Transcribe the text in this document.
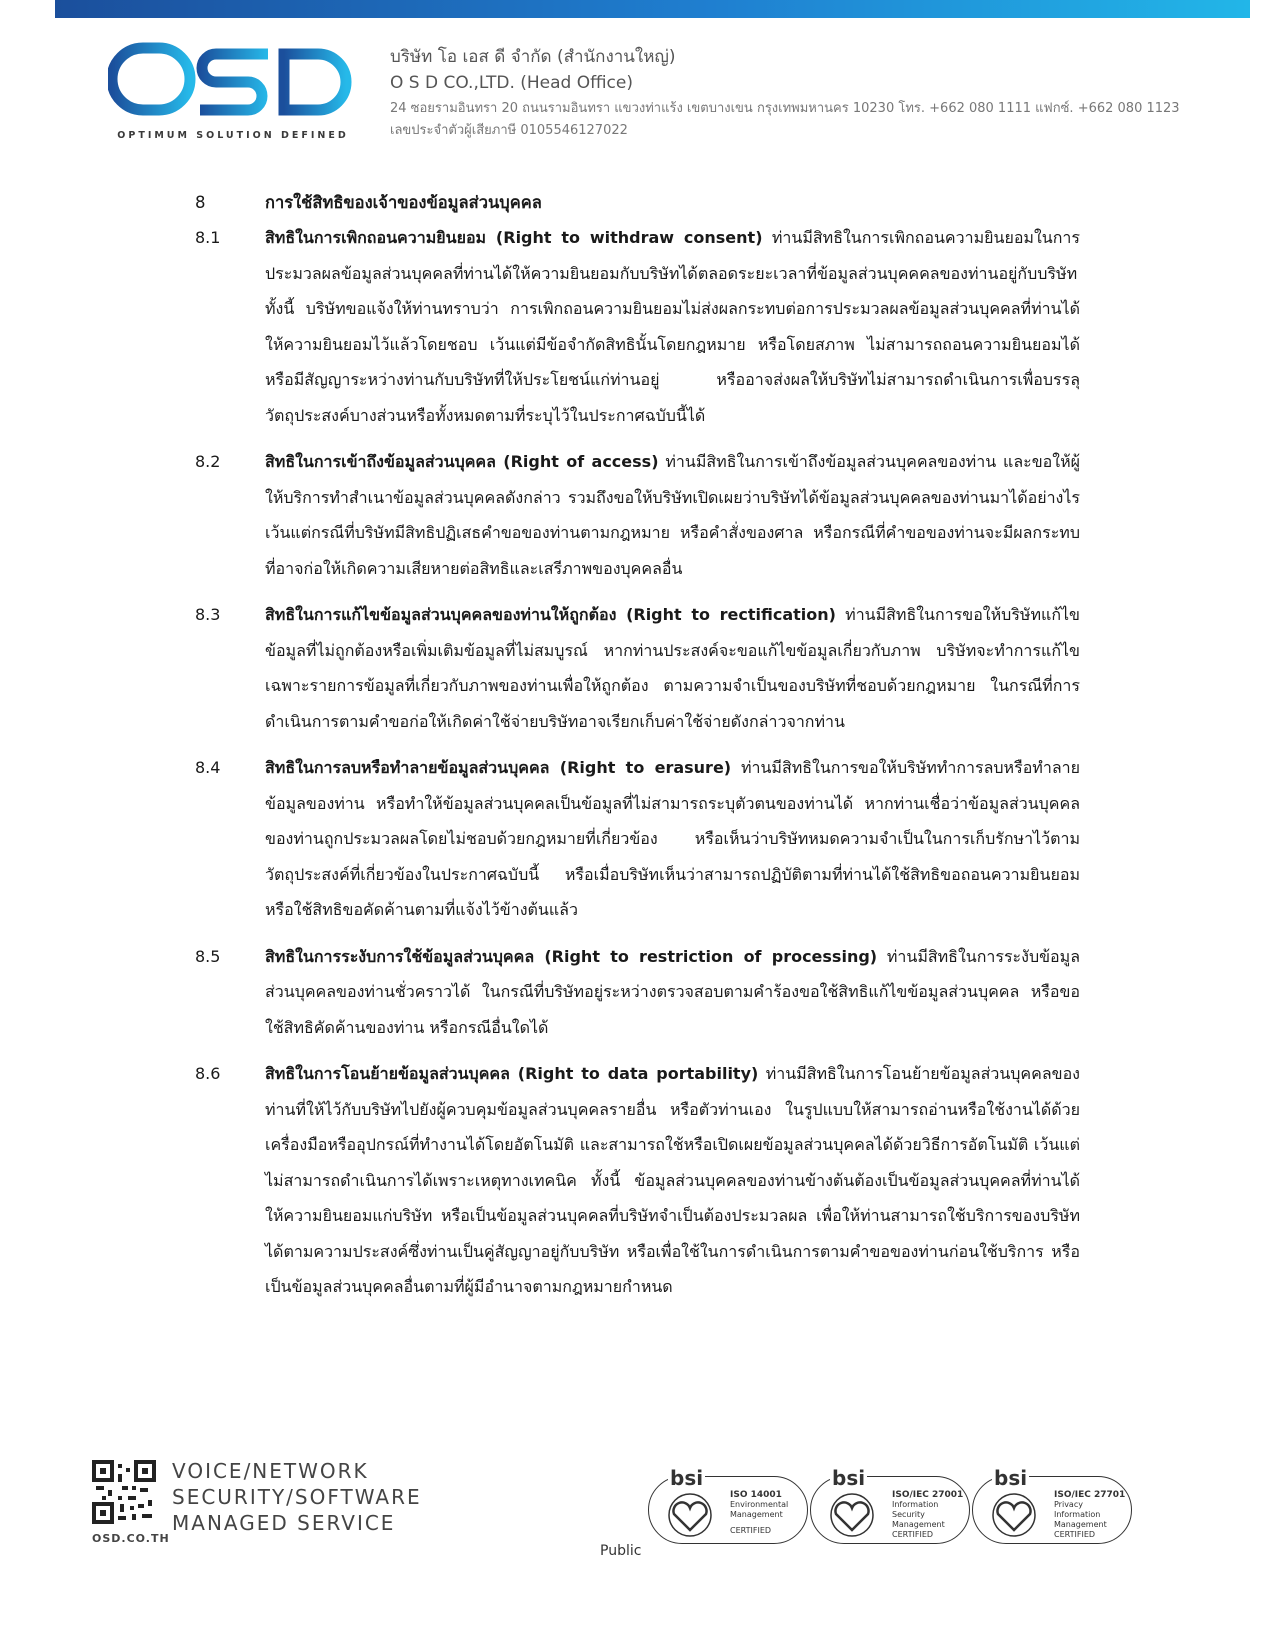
OPTIMUM SOLUTION DEFINED
บริษัท โอ เอส ดี จำกัด (สำนักงานใหญ่)
O S D CO.,LTD. (Head Office)
24 ซอยรามอินทรา 20 ถนนรามอินทรา แขวงท่าแร้ง เขตบางเขน กรุงเทพมหานคร 10230 โทร. +662 080 1111 แฟกซ์. +662 080 1123
เลขประจำตัวผู้เสียภาษี 0105546127022
8	การใช้สิทธิของเจ้าของข้อมูลส่วนบุคคล
8.1	สิทธิในการเพิกถอนความยินยอม (Right to withdraw consent) ท่านมีสิทธิในการเพิกถอนความยินยอมในการประมวลผลข้อมูลส่วนบุคคลที่ท่านได้ให้ความยินยอมกับบริษัทได้ตลอดระยะเวลาที่ข้อมูลส่วนบุคคคลของท่านอยู่กับบริษัท ทั้งนี้ บริษัทขอแจ้งให้ท่านทราบว่า การเพิกถอนความยินยอมไม่ส่งผลกระทบต่อการประมวลผลข้อมูลส่วนบุคคลที่ท่านได้ให้ความยินยอมไว้แล้วโดยชอบ เว้นแต่มีข้อจำกัดสิทธินั้นโดยกฎหมาย หรือโดยสภาพ ไม่สามารถถอนความยินยอมได้ หรือมีสัญญาระหว่างท่านกับบริษัทที่ให้ประโยชน์แก่ท่านอยู่ หรืออาจส่งผลให้บริษัทไม่สามารถดำเนินการเพื่อบรรลุวัตถุประสงค์บางส่วนหรือทั้งหมดตามที่ระบุไว้ในประกาศฉบับนี้ได้
8.2	สิทธิในการเข้าถึงข้อมูลส่วนบุคคล (Right of access) ท่านมีสิทธิในการเข้าถึงข้อมูลส่วนบุคคลของท่าน และขอให้ผู้ให้บริการทำสำเนาข้อมูลส่วนบุคคลดังกล่าว รวมถึงขอให้บริษัทเปิดเผยว่าบริษัทได้ข้อมูลส่วนบุคคลของท่านมาได้อย่างไร เว้นแต่กรณีที่บริษัทมีสิทธิปฏิเสธคำขอของท่านตามกฎหมาย หรือคำสั่งของศาล หรือกรณีที่คำขอของท่านจะมีผลกระทบที่อาจก่อให้เกิดความเสียหายต่อสิทธิและเสรีภาพของบุคคลอื่น
8.3	สิทธิในการแก้ไขข้อมูลส่วนบุคคลของท่านให้ถูกต้อง (Right to rectification) ท่านมีสิทธิในการขอให้บริษัทแก้ไขข้อมูลที่ไม่ถูกต้องหรือเพิ่มเติมข้อมูลที่ไม่สมบูรณ์ หากท่านประสงค์จะขอแก้ไขข้อมูลเกี่ยวกับภาพ บริษัทจะทำการแก้ไขเฉพาะรายการข้อมูลที่เกี่ยวกับภาพของท่านเพื่อให้ถูกต้อง ตามความจำเป็นของบริษัทที่ชอบด้วยกฎหมาย ในกรณีที่การดำเนินการตามคำขอก่อให้เกิดค่าใช้จ่ายบริษัทอาจเรียกเก็บค่าใช้จ่ายดังกล่าวจากท่าน
8.4	สิทธิในการลบหรือทำลายข้อมูลส่วนบุคคล (Right to erasure) ท่านมีสิทธิในการขอให้บริษัททำการลบหรือทำลายข้อมูลของท่าน หรือทำให้ข้อมูลส่วนบุคคลเป็นข้อมูลที่ไม่สามารถระบุตัวตนของท่านได้ หากท่านเชื่อว่าข้อมูลส่วนบุคคลของท่านถูกประมวลผลโดยไม่ชอบด้วยกฎหมายที่เกี่ยวข้อง หรือเห็นว่าบริษัทหมดความจำเป็นในการเก็บรักษาไว้ตามวัตถุประสงค์ที่เกี่ยวข้องในประกาศฉบับนี้ หรือเมื่อบริษัทเห็นว่าสามารถปฏิบัติตามที่ท่านได้ใช้สิทธิขอถอนความยินยอมหรือใช้สิทธิขอคัดค้านตามที่แจ้งไว้ข้างต้นแล้ว
8.5	สิทธิในการระงับการใช้ข้อมูลส่วนบุคคล (Right to restriction of processing) ท่านมีสิทธิในการระงับข้อมูลส่วนบุคคลของท่านชั่วคราวได้ ในกรณีที่บริษัทอยู่ระหว่างตรวจสอบตามคำร้องขอใช้สิทธิแก้ไขข้อมูลส่วนบุคคล หรือขอใช้สิทธิคัดค้านของท่าน หรือกรณีอื่นใดได้
8.6	สิทธิในการโอนย้ายข้อมูลส่วนบุคคล (Right to data portability) ท่านมีสิทธิในการโอนย้ายข้อมูลส่วนบุคคลของท่านที่ให้ไว้กับบริษัทไปยังผู้ควบคุมข้อมูลส่วนบุคคลรายอื่น หรือตัวท่านเอง ในรูปแบบให้สามารถอ่านหรือใช้งานได้ด้วยเครื่องมือหรืออุปกรณ์ที่ทำงานได้โดยอัตโนมัติ และสามารถใช้หรือเปิดเผยข้อมูลส่วนบุคคลได้ด้วยวิธีการอัตโนมัติ เว้นแต่ไม่สามารถดำเนินการได้เพราะเหตุทางเทคนิค ทั้งนี้ ข้อมูลส่วนบุคคลของท่านข้างต้นต้องเป็นข้อมูลส่วนบุคคลที่ท่านได้ให้ความยินยอมแก่บริษัท หรือเป็นข้อมูลส่วนบุคคลที่บริษัทจำเป็นต้องประมวลผล เพื่อให้ท่านสามารถใช้บริการของบริษัทได้ตามความประสงค์ซึ่งท่านเป็นคู่สัญญาอยู่กับบริษัท หรือเพื่อใช้ในการดำเนินการตามคำขอของท่านก่อนใช้บริการ หรือเป็นข้อมูลส่วนบุคคลอื่นตามที่ผู้มีอำนาจตามกฎหมายกำหนด
OSD.CO.TH
VOICE/NETWORK
SECURITY/SOFTWARE
MANAGED SERVICE
Public
bsi
ISO 14001
Environmental Management
CERTIFIED
bsi
ISO/IEC 27001
Information Security Management
CERTIFIED
bsi
ISO/IEC 27701
Privacy Information Management
CERTIFIED
